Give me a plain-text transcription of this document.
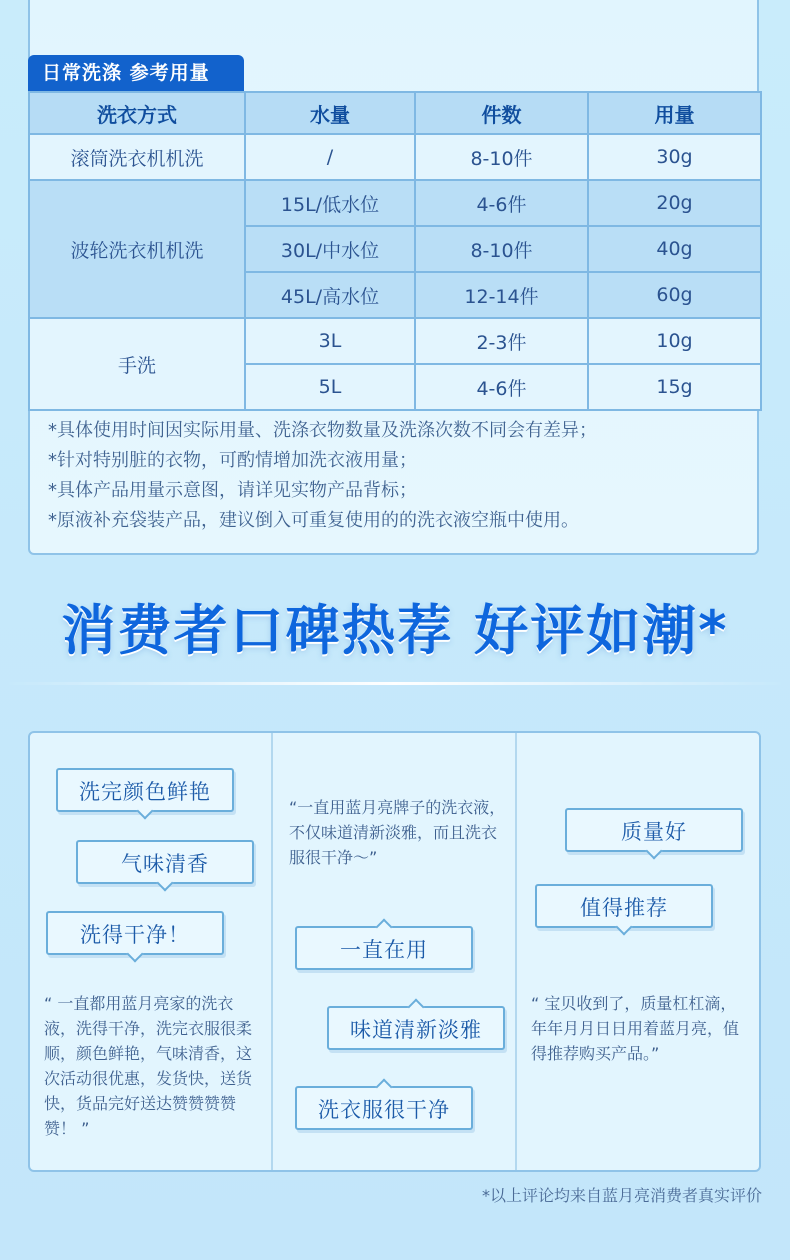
日常洗涤 参考用量
洗衣方式	水量	件数	用量
滚筒洗衣机机洗	/	8-10件	30g
波轮洗衣机机洗	15L/低水位	4-6件	20g
	30L/中水位	8-10件	40g
	45L/高水位	12-14件	60g
手洗	3L	2-3件	10g
	5L	4-6件	15g
*具体使用时间因实际用量、洗涤衣物数量及洗涤次数不同会有差异；
*针对特别脏的衣物，可酌情增加洗衣液用量；
*具体产品用量示意图，请详见实物产品背标；
*原液补充袋装产品，建议倒入可重复使用的的洗衣液空瓶中使用。
消费者口碑热荐 好评如潮*
洗完颜色鲜艳
气味清香
洗得干净！
“ 一直都用蓝月亮家的洗衣液，洗得干净，洗完衣服很柔顺，颜色鲜艳，气味清香，这次活动很优惠，发货快，送货快，货品完好送达赞赞赞赞赞！ ”
“一直用蓝月亮牌子的洗衣液，不仅味道清新淡雅，而且洗衣服很干净～”
一直在用
味道清新淡雅
洗衣服很干净
质量好
值得推荐
“ 宝贝收到了，质量杠杠滴，年年月月日日用着蓝月亮，值得推荐购买产品。”
*以上评论均来自蓝月亮消费者真实评价
